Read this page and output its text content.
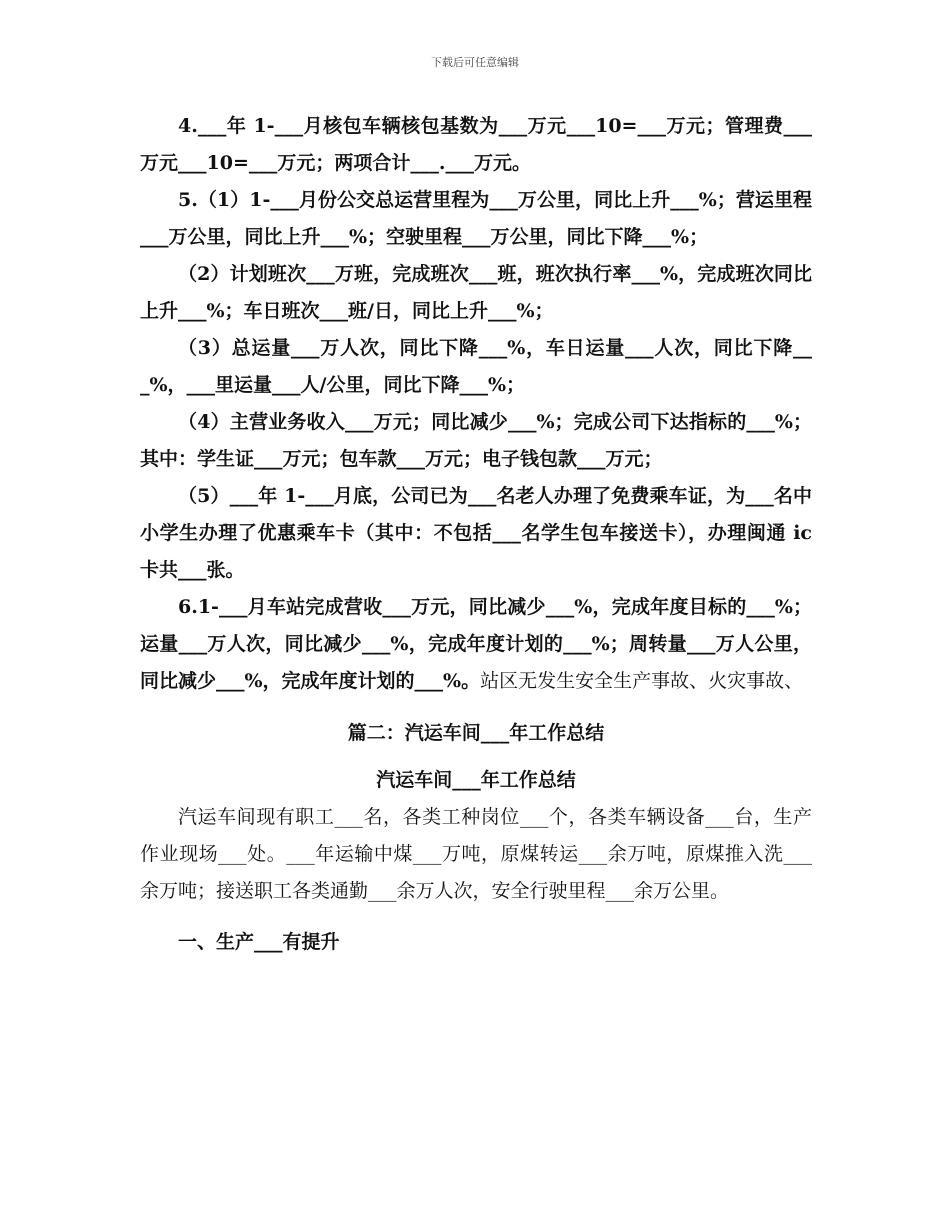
下载后可任意编辑

4.___年 1-___月核包车辆核包基数为___万元___10=___万元；管理费___万元___10=___万元；两项合计___.___万元。

5.（1）1-___月份公交总运营里程为___万公里，同比上升___%；营运里程___万公里，同比上升___%；空驶里程___万公里，同比下降___%；

（2）计划班次___万班，完成班次___班，班次执行率___%，完成班次同比上升___%；车日班次___班/日，同比上升___%；

（3）总运量___万人次，同比下降___%，车日运量___人次，同比下降___%，___里运量___人/公里，同比下降___%；

（4）主营业务收入___万元；同比减少___%；完成公司下达指标的___%；其中：学生证___万元；包车款___万元；电子钱包款___万元；

（5）___年 1-___月底，公司已为___名老人办理了免费乘车证，为___名中小学生办理了优惠乘车卡（其中：不包括___名学生包车接送卡），办理闽通 ic 卡共___张。

6.1-___月车站完成营收___万元，同比减少___%，完成年度目标的___%；运量___万人次，同比减少___%，完成年度计划的___%；周转量___万人公里，同比减少___%，完成年度计划的___%。站区无发生安全生产事故、火灾事故、

篇二：汽运车间___年工作总结

汽运车间___年工作总结

汽运车间现有职工___名，各类工种岗位___个，各类车辆设备___台，生产作业现场___处。___年运输中煤___万吨，原煤转运___余万吨，原煤推入洗___余万吨；接送职工各类通勤___余万人次，安全行驶里程___余万公里。

一、生产___有提升
